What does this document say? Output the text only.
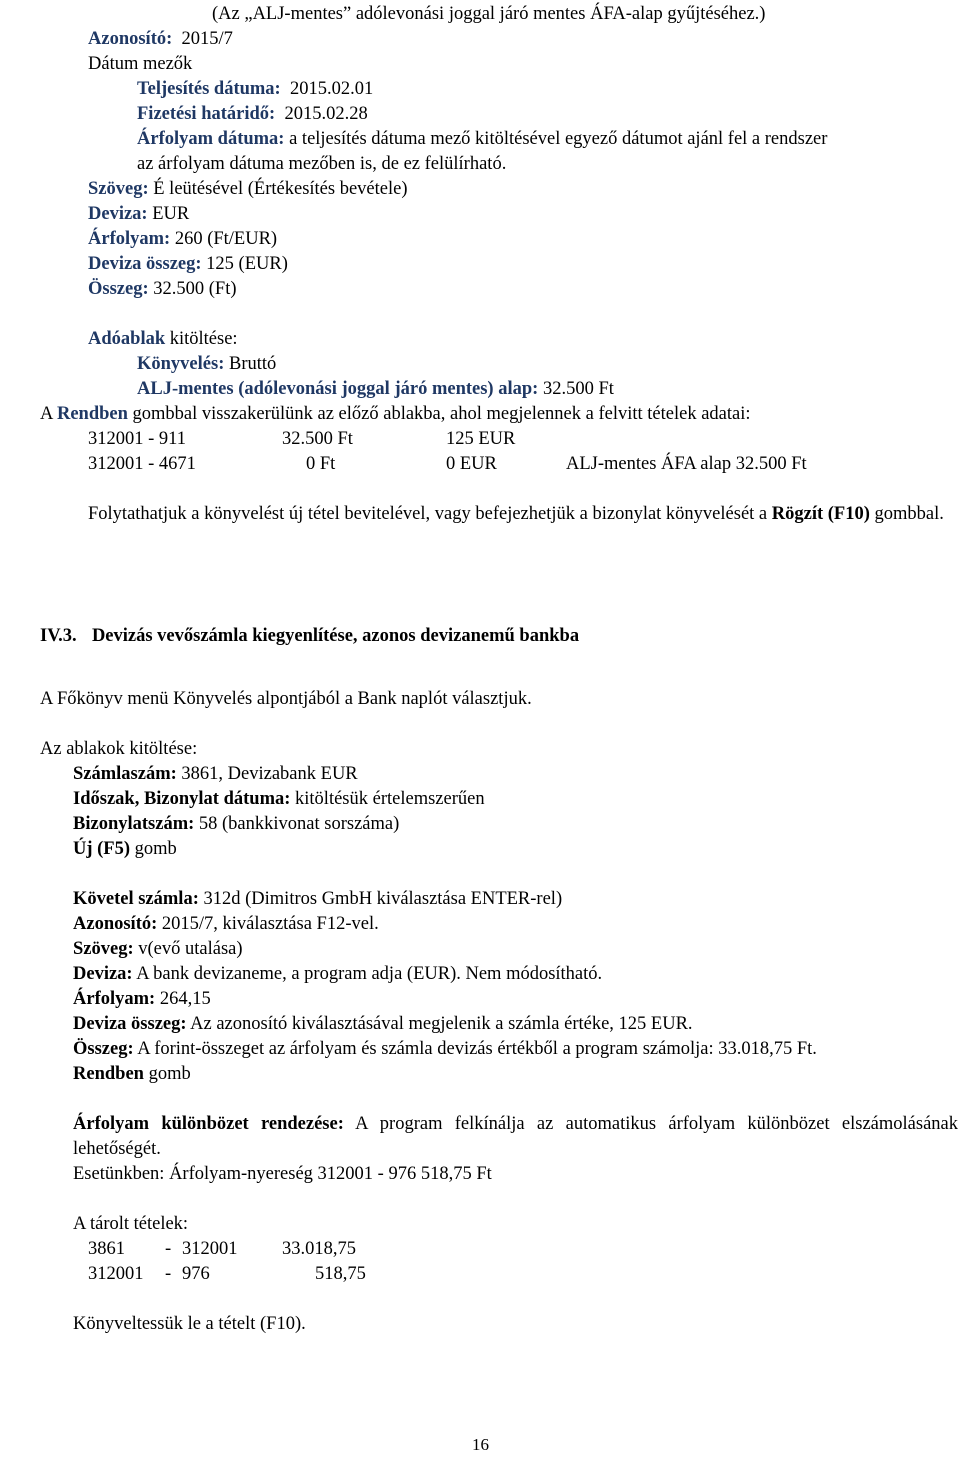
(Az „ALJ-mentes” adólevonási joggal járó mentes ÁFA-alap gyűjtéséhez.)
Azonosító: 2015/7
Dátum mezők
Teljesítés dátuma: 2015.02.01
Fizetési határidő: 2015.02.28
Árfolyam dátuma: a teljesítés dátuma mező kitöltésével egyező dátumot ajánl fel a rendszer
az árfolyam dátuma mezőben is, de ez felülírható.
Szöveg: É leütésével (Értékesítés bevétele)
Deviza: EUR
Árfolyam: 260 (Ft/EUR)
Deviza összeg: 125 (EUR)
Összeg: 32.500 (Ft)
Adóablak kitöltése:
Könyvelés: Bruttó
ALJ-mentes (adólevonási joggal járó mentes) alap: 32.500 Ft
A Rendben gombbal visszakerülünk az előző ablakba, ahol megjelennek a felvitt tételek adatai:
312001 - 911	32.500 Ft	125 EUR
312001 - 4671	0 Ft	0 EUR	ALJ-mentes ÁFA alap 32.500 Ft
Folytathatjuk a könyvelést új tétel bevitelével, vagy befejezhetjük a bizonylat könyvelését a Rögzít (F10) gombbal.
IV.3. Devizás vevőszámla kiegyenlítése, azonos devizanemű bankba
A Főkönyv menü Könyvelés alpontjából a Bank naplót választjuk.
Az ablakok kitöltése:
Számlaszám: 3861, Devizabank EUR
Időszak, Bizonylat dátuma: kitöltésük értelemszerűen
Bizonylatszám: 58 (bankkivonat sorszáma)
Új (F5) gomb
Követel számla: 312d (Dimitros GmbH kiválasztása ENTER-rel)
Azonosító: 2015/7, kiválasztása F12-vel.
Szöveg: v(evő utalása)
Deviza: A bank devizaneme, a program adja (EUR). Nem módosítható.
Árfolyam: 264,15
Deviza összeg: Az azonosító kiválasztásával megjelenik a számla értéke, 125 EUR.
Összeg: A forint-összeget az árfolyam és számla devizás értékből a program számolja: 33.018,75 Ft.
Rendben gomb
Árfolyam különbözet rendezése: A program felkínálja az automatikus árfolyam különbözet elszámolásának lehetőségét.
Esetünkben: Árfolyam-nyereség 312001 - 976 518,75 Ft
A tárolt tételek:
3861 - 312001 33.018,75
312001 - 976	518,75
Könyveltessük le a tételt (F10).
16
